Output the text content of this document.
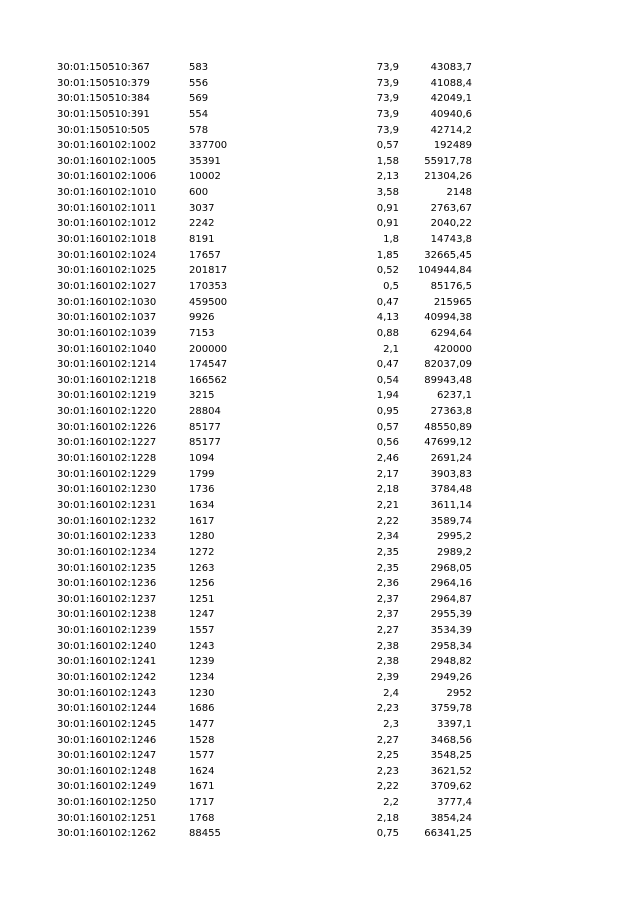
30:01:150510:367	583	73,9	43083,7
30:01:150510:379	556	73,9	41088,4
30:01:150510:384	569	73,9	42049,1
30:01:150510:391	554	73,9	40940,6
30:01:150510:505	578	73,9	42714,2
30:01:160102:1002	337700	0,57	192489
30:01:160102:1005	35391	1,58	55917,78
30:01:160102:1006	10002	2,13	21304,26
30:01:160102:1010	600	3,58	2148
30:01:160102:1011	3037	0,91	2763,67
30:01:160102:1012	2242	0,91	2040,22
30:01:160102:1018	8191	1,8	14743,8
30:01:160102:1024	17657	1,85	32665,45
30:01:160102:1025	201817	0,52	104944,84
30:01:160102:1027	170353	0,5	85176,5
30:01:160102:1030	459500	0,47	215965
30:01:160102:1037	9926	4,13	40994,38
30:01:160102:1039	7153	0,88	6294,64
30:01:160102:1040	200000	2,1	420000
30:01:160102:1214	174547	0,47	82037,09
30:01:160102:1218	166562	0,54	89943,48
30:01:160102:1219	3215	1,94	6237,1
30:01:160102:1220	28804	0,95	27363,8
30:01:160102:1226	85177	0,57	48550,89
30:01:160102:1227	85177	0,56	47699,12
30:01:160102:1228	1094	2,46	2691,24
30:01:160102:1229	1799	2,17	3903,83
30:01:160102:1230	1736	2,18	3784,48
30:01:160102:1231	1634	2,21	3611,14
30:01:160102:1232	1617	2,22	3589,74
30:01:160102:1233	1280	2,34	2995,2
30:01:160102:1234	1272	2,35	2989,2
30:01:160102:1235	1263	2,35	2968,05
30:01:160102:1236	1256	2,36	2964,16
30:01:160102:1237	1251	2,37	2964,87
30:01:160102:1238	1247	2,37	2955,39
30:01:160102:1239	1557	2,27	3534,39
30:01:160102:1240	1243	2,38	2958,34
30:01:160102:1241	1239	2,38	2948,82
30:01:160102:1242	1234	2,39	2949,26
30:01:160102:1243	1230	2,4	2952
30:01:160102:1244	1686	2,23	3759,78
30:01:160102:1245	1477	2,3	3397,1
30:01:160102:1246	1528	2,27	3468,56
30:01:160102:1247	1577	2,25	3548,25
30:01:160102:1248	1624	2,23	3621,52
30:01:160102:1249	1671	2,22	3709,62
30:01:160102:1250	1717	2,2	3777,4
30:01:160102:1251	1768	2,18	3854,24
30:01:160102:1262	88455	0,75	66341,25
